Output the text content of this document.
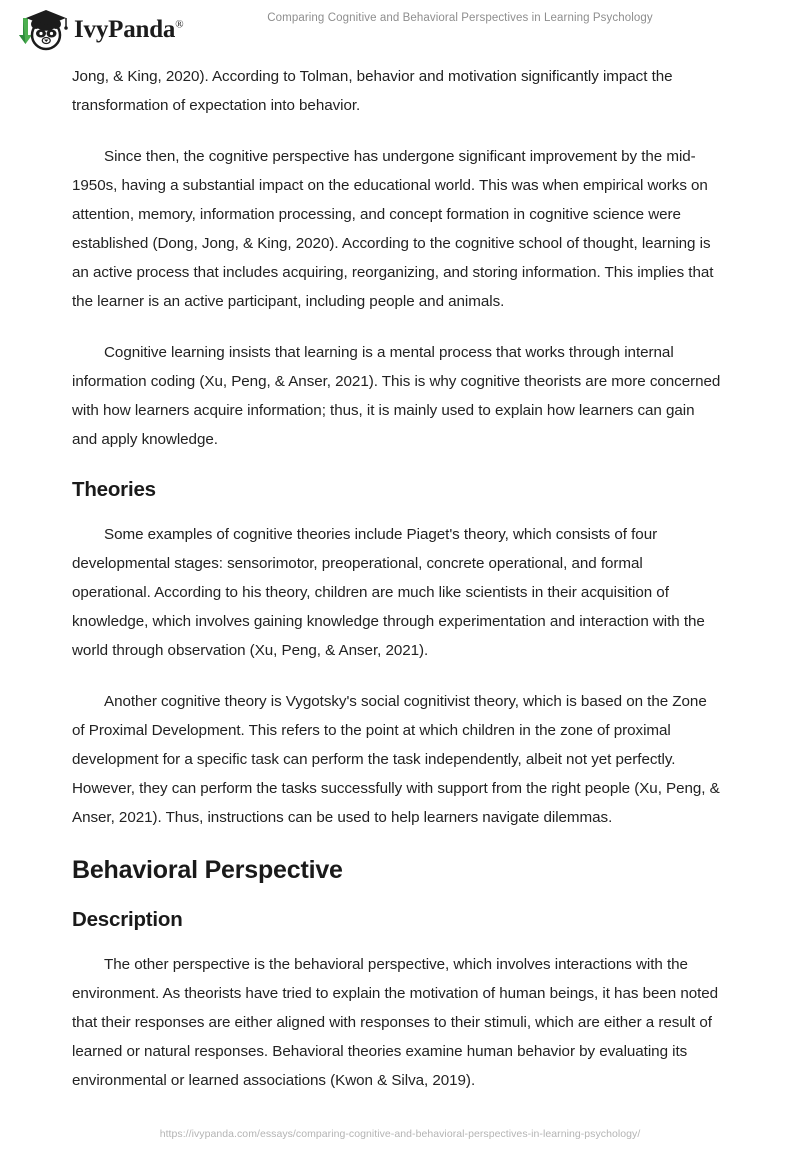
IvyPanda®
Comparing Cognitive and Behavioral Perspectives in Learning Psychology

Jong, & King, 2020). According to Tolman, behavior and motivation significantly impact the transformation of expectation into behavior.

Since then, the cognitive perspective has undergone significant improvement by the mid-1950s, having a substantial impact on the educational world. This was when empirical works on attention, memory, information processing, and concept formation in cognitive science were established (Dong, Jong, & King, 2020). According to the cognitive school of thought, learning is an active process that includes acquiring, reorganizing, and storing information. This implies that the learner is an active participant, including people and animals.

Cognitive learning insists that learning is a mental process that works through internal information coding (Xu, Peng, & Anser, 2021). This is why cognitive theorists are more concerned with how learners acquire information; thus, it is mainly used to explain how learners can gain and apply knowledge.

Theories

Some examples of cognitive theories include Piaget's theory, which consists of four developmental stages: sensorimotor, preoperational, concrete operational, and formal operational. According to his theory, children are much like scientists in their acquisition of knowledge, which involves gaining knowledge through experimentation and interaction with the world through observation (Xu, Peng, & Anser, 2021).

Another cognitive theory is Vygotsky's social cognitivist theory, which is based on the Zone of Proximal Development. This refers to the point at which children in the zone of proximal development for a specific task can perform the task independently, albeit not yet perfectly. However, they can perform the tasks successfully with support from the right people (Xu, Peng, & Anser, 2021). Thus, instructions can be used to help learners navigate dilemmas.

Behavioral Perspective
Description

The other perspective is the behavioral perspective, which involves interactions with the environment. As theorists have tried to explain the motivation of human beings, it has been noted that their responses are either aligned with responses to their stimuli, which are either a result of learned or natural responses. Behavioral theories examine human behavior by evaluating its environmental or learned associations (Kwon & Silva, 2019).

https://ivypanda.com/essays/comparing-cognitive-and-behavioral-perspectives-in-learning-psychology/
